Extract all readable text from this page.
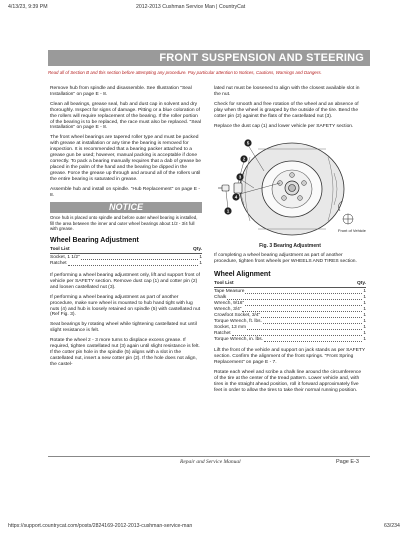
4/13/23, 9:39 PM	2012-2013 Cushman Service Man | CountryCat
FRONT SUSPENSION AND STEERING
Read all of Section B and this section before attempting any procedure. Pay particular attention to Notices, Cautions, Warnings and Dangers.

Remove hub from spindle and disassemble. See Illustration "Seal Installation" on page E - 8.

Clean all bearings, grease seal, hub and dust cap in solvent and dry thoroughly. Inspect for signs of damage. Pitting or a blue coloration of the rollers will require replacement of the bearing. If the roller portion of the bearing is to be replaced, the race must also be replaced. "Seal Installation" on page E - 8.

The front wheel bearings are tapered roller type and must be packed with grease at installation or any time the bearing is removed for inspection. It is recommended that a bearing packer attached to a grease gun be used; however, manual packing is acceptable if done correctly. To pack a bearing manually requires that a dab of grease be placed in the palm of the hand and the bearing be dipped in the grease. Force the grease up through and around all of the rollers until the entire bearing is saturated in grease.

Assemble hub and install on spindle. "Hub Replacement" on page E - 8.

NOTICE

Once hub is placed onto spindle and before outer wheel bearing is installed, fill the area between the inner and outer wheel bearings about 1/2 - 3/4 full with grease.

Wheel Bearing Adjustment
Tool List	Qty.
Socket, 1 1/2"	1
Ratchet	1

If performing a wheel bearing adjustment only, lift and support front of vehicle per SAFETY section. Remove dust cap (1) and cotter pin (2) and loosen castellated nut (3).

If performing a wheel bearing adjustment as part of another procedure, make sure wheel is mounted to hub hand tight with lug nuts (4) and hub is loosely retained on spindle (5) with castellated nut (Ref Fig. 3).

Seat bearings by rotating wheel while tightening castellated nut until slight resistance is felt.

Rotate the wheel 2 - 3 more turns to displace excess grease. If required, tighten castellated nut (3) again until slight resistance is felt. If the cotter pin hole in the spindle (5) aligns with a slot in the castellated nut, insert a new cotter pin (2). If the hole does not align, the castel-

lated nut must be loosened to align with the closest available slot in the nut.

Check for smooth and free rotation of the wheel and an absence of play when the wheel is grasped by the outside of the tire. Bend the cotter pin (2) against the flats of the castellated nut (3).

Replace the dust cap (1) and lower vehicle per SAFETY section.

5
2
3
4
1
Front of Vehicle
Fig. 3 Bearing Adjustment

If completing a wheel bearing adjustment as part of another procedure, tighten front wheels per WHEELS AND TIRES section.

Wheel Alignment
Tool List	Qty.
Tape Measure	1
Chalk	1
Wrench, 9/16"	1
Wrench, 3/4"	1
Crowfoot Socket, 3/4"	1
Torque Wrench, ft. lbs.	1
Socket, 13 mm	1
Ratchet	1
Torque Wrench, in. lbs.	1

Lift the front of the vehicle and support on jack stands as per SAFETY section. Confirm the alignment of the front springs. "Front Spring Replacement" on page E - 7.

Rotate each wheel and scribe a chalk line around the circumference of the tire at the center of the tread pattern. Lower vehicle and, with tires in the straight ahead position, roll it forward approximately five feet in order to allow the tires to take their normal running position.

Repair and Service Manual	Page E-3
https://support.countrycat.com/posts/2824169-2012-2013-cushman-service-man	63/234
